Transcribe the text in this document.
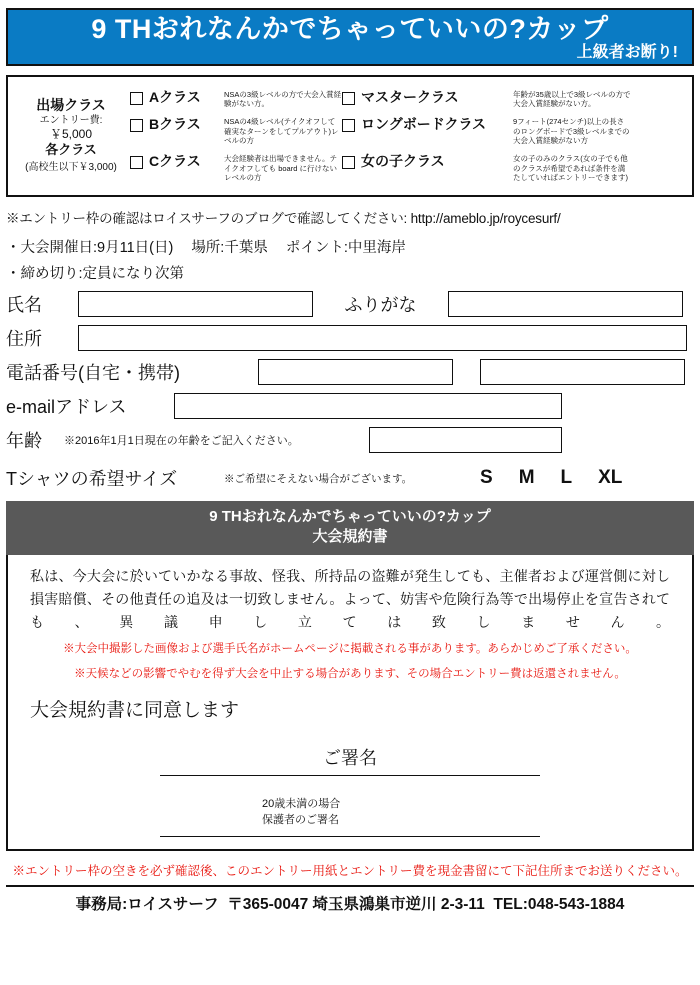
9 THおれなんかでちゃっていいの?カップ
上級者お断り!
出場クラス
エントリー費:
￥5,000
各クラス
(高校生以下￥3,000)
Aクラス	NSAの3級レベルの方で大会入賞経験がない方。
Bクラス	NSAの4級レベル(テイクオフして確実なターンをしてプルアウト)レベルの方
Cクラス	大会経験者は出場できません。テイクオフしても board に行けないレベルの方
マスタークラス	年齢が35歳以上で3級レベルの方で大会入賞経験がない方。
ロングボードクラス	9フィート(274センチ)以上の長さのロングボードで3級レベルまでの大会入賞経験がない方
女の子クラス	女の子のみのクラス(女の子でも他のクラスが希望であれば条件を満たしていればエントリーできます)
※エントリー枠の確認はロイスサーフのブログで確認してください: http://ameblo.jp/roycesurf/
・大会開催日:9月11日(日) 場所:千葉県 ポイント:中里海岸
・締め切り:定員になり次第
氏名	ふりがな
住所
電話番号(自宅・携帯)
e-mailアドレス
年齢	※2016年1月1日現在の年齢をご記入ください。
Tシャツの希望サイズ	※ご希望にそえない場合がございます。	S M L XL
9 THおれなんかでちゃっていいの?カップ
大会規約書
私は、今大会に於いていかなる事故、怪我、所持品の盗難が発生しても、主催者および運営側に対し損害賠償、その他責任の追及は一切致しません。よって、妨害や危険行為等で出場停止を宣告されても、異議申し立ては致しません。
※大会中撮影した画像および選手氏名がホームページに掲載される事があります。あらかじめご了承ください。
※天候などの影響でやむを得ず大会を中止する場合があります、その場合エントリー費は返還されません。
大会規約書に同意します
ご署名
20歳未満の場合
保護者のご署名
※エントリー枠の空きを必ず確認後、このエントリー用紙とエントリー費を現金書留にて下記住所までお送りください。
事務局:ロイスサーフ 〒365-0047 埼玉県鴻巣市逆川 2-3-11 TEL:048-543-1884
